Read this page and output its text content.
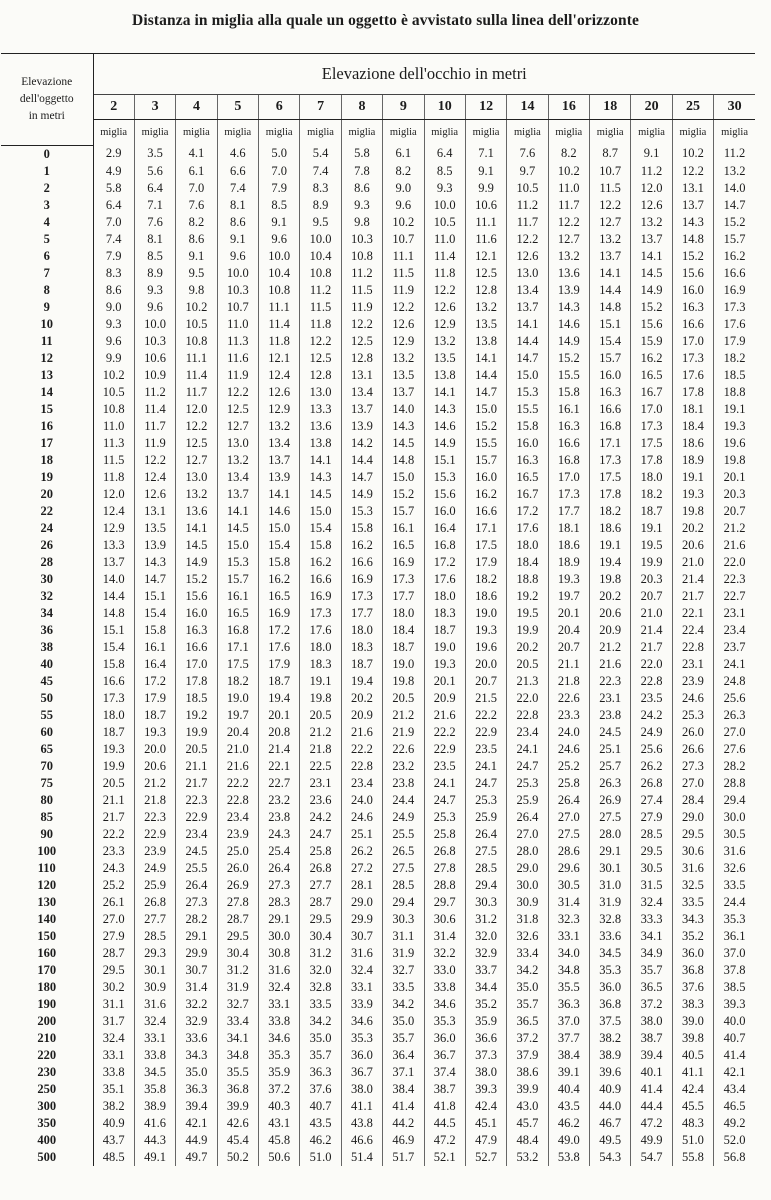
Distanza in miglia alla quale un oggetto è avvistato sulla linea dell'orizzonte
Elevazione
dell'oggetto
in metri	Elevazione dell'occhio in metri															
	2	3	4	5	6	7	8	9	10	12	14	16	18	20	25	30
	miglia	miglia	miglia	miglia	miglia	miglia	miglia	miglia	miglia	miglia	miglia	miglia	miglia	miglia	miglia	miglia
0	2.9	3.5	4.1	4.6	5.0	5.4	5.8	6.1	6.4	7.1	7.6	8.2	8.7	9.1	10.2	11.2
1	4.9	5.6	6.1	6.6	7.0	7.4	7.8	8.2	8.5	9.1	9.7	10.2	10.7	11.2	12.2	13.2
2	5.8	6.4	7.0	7.4	7.9	8.3	8.6	9.0	9.3	9.9	10.5	11.0	11.5	12.0	13.1	14.0
3	6.4	7.1	7.6	8.1	8.5	8.9	9.3	9.6	10.0	10.6	11.2	11.7	12.2	12.6	13.7	14.7
4	7.0	7.6	8.2	8.6	9.1	9.5	9.8	10.2	10.5	11.1	11.7	12.2	12.7	13.2	14.3	15.2
5	7.4	8.1	8.6	9.1	9.6	10.0	10.3	10.7	11.0	11.6	12.2	12.7	13.2	13.7	14.8	15.7
6	7.9	8.5	9.1	9.6	10.0	10.4	10.8	11.1	11.4	12.1	12.6	13.2	13.7	14.1	15.2	16.2
7	8.3	8.9	9.5	10.0	10.4	10.8	11.2	11.5	11.8	12.5	13.0	13.6	14.1	14.5	15.6	16.6
8	8.6	9.3	9.8	10.3	10.8	11.2	11.5	11.9	12.2	12.8	13.4	13.9	14.4	14.9	16.0	16.9
9	9.0	9.6	10.2	10.7	11.1	11.5	11.9	12.2	12.6	13.2	13.7	14.3	14.8	15.2	16.3	17.3
10	9.3	10.0	10.5	11.0	11.4	11.8	12.2	12.6	12.9	13.5	14.1	14.6	15.1	15.6	16.6	17.6
11	9.6	10.3	10.8	11.3	11.8	12.2	12.5	12.9	13.2	13.8	14.4	14.9	15.4	15.9	17.0	17.9
12	9.9	10.6	11.1	11.6	12.1	12.5	12.8	13.2	13.5	14.1	14.7	15.2	15.7	16.2	17.3	18.2
13	10.2	10.9	11.4	11.9	12.4	12.8	13.1	13.5	13.8	14.4	15.0	15.5	16.0	16.5	17.6	18.5
14	10.5	11.2	11.7	12.2	12.6	13.0	13.4	13.7	14.1	14.7	15.3	15.8	16.3	16.7	17.8	18.8
15	10.8	11.4	12.0	12.5	12.9	13.3	13.7	14.0	14.3	15.0	15.5	16.1	16.6	17.0	18.1	19.1
16	11.0	11.7	12.2	12.7	13.2	13.6	13.9	14.3	14.6	15.2	15.8	16.3	16.8	17.3	18.4	19.3
17	11.3	11.9	12.5	13.0	13.4	13.8	14.2	14.5	14.9	15.5	16.0	16.6	17.1	17.5	18.6	19.6
18	11.5	12.2	12.7	13.2	13.7	14.1	14.4	14.8	15.1	15.7	16.3	16.8	17.3	17.8	18.9	19.8
19	11.8	12.4	13.0	13.4	13.9	14.3	14.7	15.0	15.3	16.0	16.5	17.0	17.5	18.0	19.1	20.1
20	12.0	12.6	13.2	13.7	14.1	14.5	14.9	15.2	15.6	16.2	16.7	17.3	17.8	18.2	19.3	20.3
22	12.4	13.1	13.6	14.1	14.6	15.0	15.3	15.7	16.0	16.6	17.2	17.7	18.2	18.7	19.8	20.7
24	12.9	13.5	14.1	14.5	15.0	15.4	15.8	16.1	16.4	17.1	17.6	18.1	18.6	19.1	20.2	21.2
26	13.3	13.9	14.5	15.0	15.4	15.8	16.2	16.5	16.8	17.5	18.0	18.6	19.1	19.5	20.6	21.6
28	13.7	14.3	14.9	15.3	15.8	16.2	16.6	16.9	17.2	17.9	18.4	18.9	19.4	19.9	21.0	22.0
30	14.0	14.7	15.2	15.7	16.2	16.6	16.9	17.3	17.6	18.2	18.8	19.3	19.8	20.3	21.4	22.3
32	14.4	15.1	15.6	16.1	16.5	16.9	17.3	17.7	18.0	18.6	19.2	19.7	20.2	20.7	21.7	22.7
34	14.8	15.4	16.0	16.5	16.9	17.3	17.7	18.0	18.3	19.0	19.5	20.1	20.6	21.0	22.1	23.1
36	15.1	15.8	16.3	16.8	17.2	17.6	18.0	18.4	18.7	19.3	19.9	20.4	20.9	21.4	22.4	23.4
38	15.4	16.1	16.6	17.1	17.6	18.0	18.3	18.7	19.0	19.6	20.2	20.7	21.2	21.7	22.8	23.7
40	15.8	16.4	17.0	17.5	17.9	18.3	18.7	19.0	19.3	20.0	20.5	21.1	21.6	22.0	23.1	24.1
45	16.6	17.2	17.8	18.2	18.7	19.1	19.4	19.8	20.1	20.7	21.3	21.8	22.3	22.8	23.9	24.8
50	17.3	17.9	18.5	19.0	19.4	19.8	20.2	20.5	20.9	21.5	22.0	22.6	23.1	23.5	24.6	25.6
55	18.0	18.7	19.2	19.7	20.1	20.5	20.9	21.2	21.6	22.2	22.8	23.3	23.8	24.2	25.3	26.3
60	18.7	19.3	19.9	20.4	20.8	21.2	21.6	21.9	22.2	22.9	23.4	24.0	24.5	24.9	26.0	27.0
65	19.3	20.0	20.5	21.0	21.4	21.8	22.2	22.6	22.9	23.5	24.1	24.6	25.1	25.6	26.6	27.6
70	19.9	20.6	21.1	21.6	22.1	22.5	22.8	23.2	23.5	24.1	24.7	25.2	25.7	26.2	27.3	28.2
75	20.5	21.2	21.7	22.2	22.7	23.1	23.4	23.8	24.1	24.7	25.3	25.8	26.3	26.8	27.0	28.8
80	21.1	21.8	22.3	22.8	23.2	23.6	24.0	24.4	24.7	25.3	25.9	26.4	26.9	27.4	28.4	29.4
85	21.7	22.3	22.9	23.4	23.8	24.2	24.6	24.9	25.3	25.9	26.4	27.0	27.5	27.9	29.0	30.0
90	22.2	22.9	23.4	23.9	24.3	24.7	25.1	25.5	25.8	26.4	27.0	27.5	28.0	28.5	29.5	30.5
100	23.3	23.9	24.5	25.0	25.4	25.8	26.2	26.5	26.8	27.5	28.0	28.6	29.1	29.5	30.6	31.6
110	24.3	24.9	25.5	26.0	26.4	26.8	27.2	27.5	27.8	28.5	29.0	29.6	30.1	30.5	31.6	32.6
120	25.2	25.9	26.4	26.9	27.3	27.7	28.1	28.5	28.8	29.4	30.0	30.5	31.0	31.5	32.5	33.5
130	26.1	26.8	27.3	27.8	28.3	28.7	29.0	29.4	29.7	30.3	30.9	31.4	31.9	32.4	33.5	24.4
140	27.0	27.7	28.2	28.7	29.1	29.5	29.9	30.3	30.6	31.2	31.8	32.3	32.8	33.3	34.3	35.3
150	27.9	28.5	29.1	29.5	30.0	30.4	30.7	31.1	31.4	32.0	32.6	33.1	33.6	34.1	35.2	36.1
160	28.7	29.3	29.9	30.4	30.8	31.2	31.6	31.9	32.2	32.9	33.4	34.0	34.5	34.9	36.0	37.0
170	29.5	30.1	30.7	31.2	31.6	32.0	32.4	32.7	33.0	33.7	34.2	34.8	35.3	35.7	36.8	37.8
180	30.2	30.9	31.4	31.9	32.4	32.8	33.1	33.5	33.8	34.4	35.0	35.5	36.0	36.5	37.6	38.5
190	31.1	31.6	32.2	32.7	33.1	33.5	33.9	34.2	34.6	35.2	35.7	36.3	36.8	37.2	38.3	39.3
200	31.7	32.4	32.9	33.4	33.8	34.2	34.6	35.0	35.3	35.9	36.5	37.0	37.5	38.0	39.0	40.0
210	32.4	33.1	33.6	34.1	34.6	35.0	35.3	35.7	36.0	36.6	37.2	37.7	38.2	38.7	39.8	40.7
220	33.1	33.8	34.3	34.8	35.3	35.7	36.0	36.4	36.7	37.3	37.9	38.4	38.9	39.4	40.5	41.4
230	33.8	34.5	35.0	35.5	35.9	36.3	36.7	37.1	37.4	38.0	38.6	39.1	39.6	40.1	41.1	42.1
250	35.1	35.8	36.3	36.8	37.2	37.6	38.0	38.4	38.7	39.3	39.9	40.4	40.9	41.4	42.4	43.4
300	38.2	38.9	39.4	39.9	40.3	40.7	41.1	41.4	41.8	42.4	43.0	43.5	44.0	44.4	45.5	46.5
350	40.9	41.6	42.1	42.6	43.1	43.5	43.8	44.2	44.5	45.1	45.7	46.2	46.7	47.2	48.3	49.2
400	43.7	44.3	44.9	45.4	45.8	46.2	46.6	46.9	47.2	47.9	48.4	49.0	49.5	49.9	51.0	52.0
500	48.5	49.1	49.7	50.2	50.6	51.0	51.4	51.7	52.1	52.7	53.2	53.8	54.3	54.7	55.8	56.8
